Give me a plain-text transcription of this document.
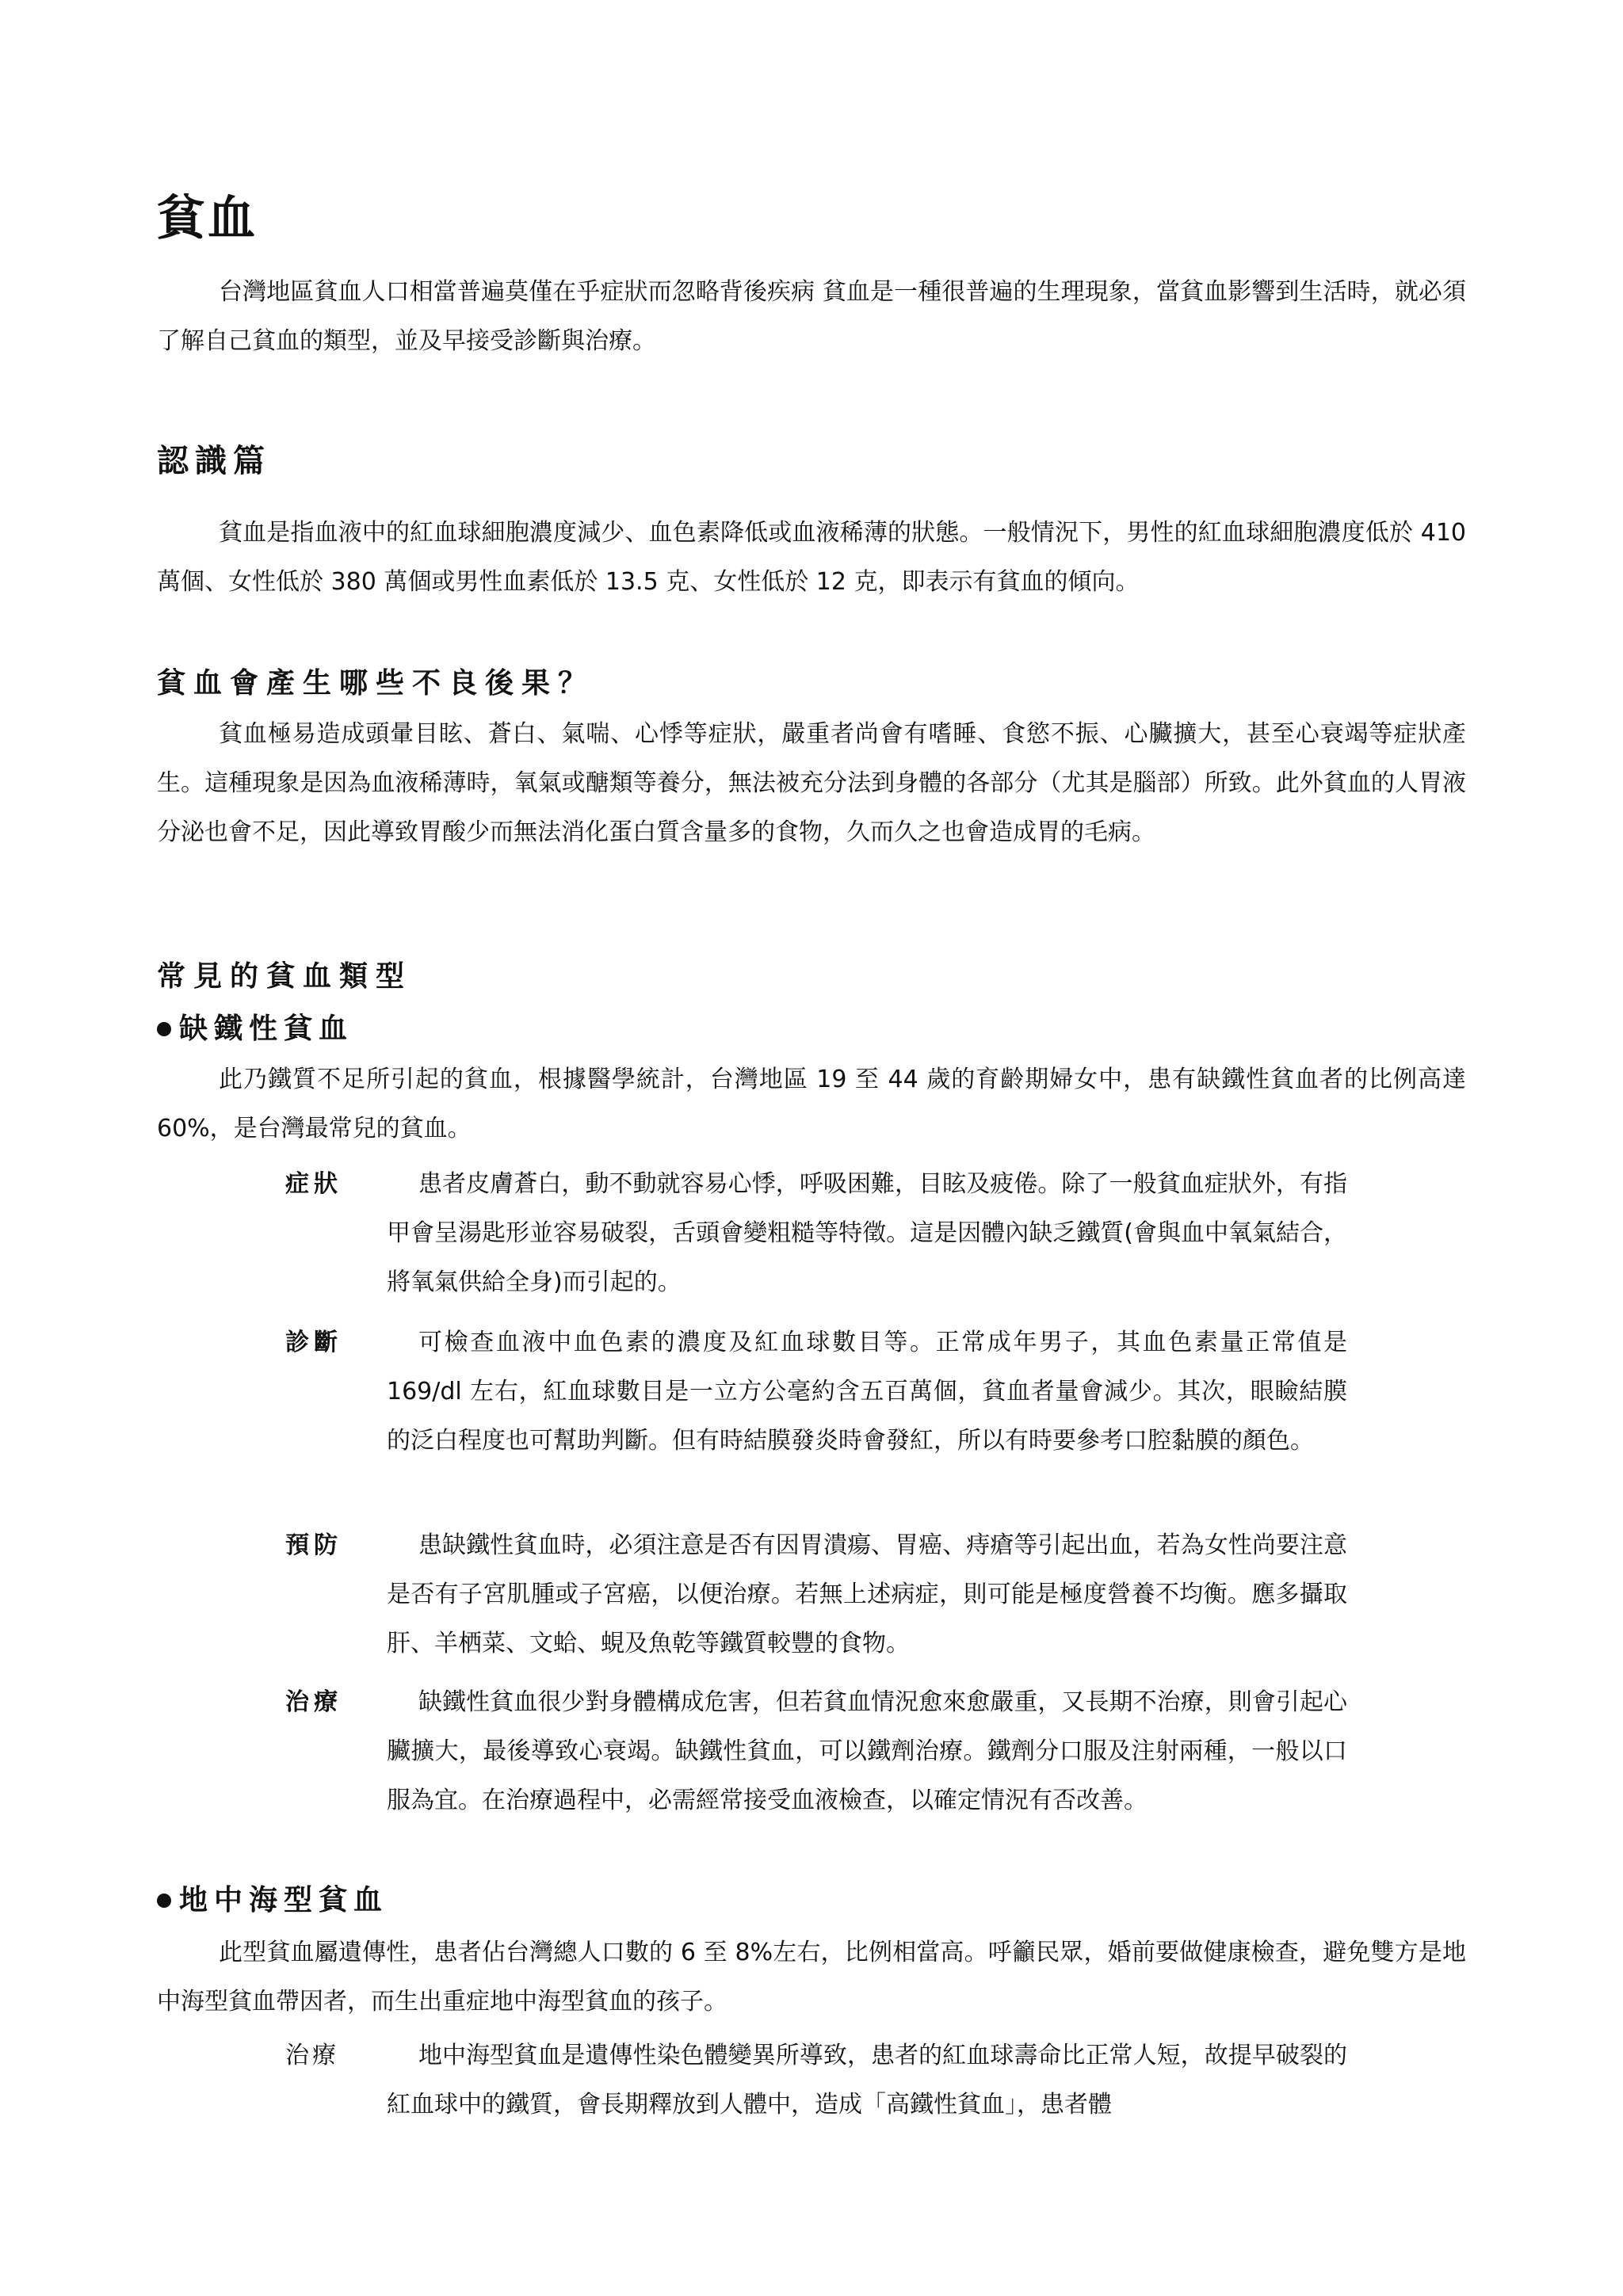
貧血

台灣地區貧血人口相當普遍莫僅在乎症狀而忽略背後疾病 貧血是一種很普遍的生理現象，當貧血影響到生活時，就必須了解自己貧血的類型，並及早接受診斷與治療。

認識篇

貧血是指血液中的紅血球細胞濃度減少、血色素降低或血液稀薄的狀態。一般情況下，男性的紅血球細胞濃度低於 410 萬個、女性低於 380 萬個或男性血素低於 13.5 克、女性低於 12 克，即表示有貧血的傾向。

貧血會產生哪些不良後果？

貧血極易造成頭暈目眩、蒼白、氣喘、心悸等症狀，嚴重者尚會有嗜睡、食慾不振、心臟擴大，甚至心衰竭等症狀產生。這種現象是因為血液稀薄時，氧氣或醣類等養分，無法被充分法到身體的各部分（尤其是腦部）所致。此外貧血的人胃液分泌也會不足，因此導致胃酸少而無法消化蛋白質含量多的食物，久而久之也會造成胃的毛病。

常見的貧血類型
缺鐵性貧血

此乃鐵質不足所引起的貧血，根據醫學統計，台灣地區 19 至 44 歲的育齡期婦女中，患有缺鐵性貧血者的比例高達 60%，是台灣最常兒的貧血。

症狀	患者皮膚蒼白，動不動就容易心悸，呼吸困難，目眩及疲倦。除了一般貧血症狀外，有指甲會呈湯匙形並容易破裂，舌頭會變粗糙等特徵。這是因體內缺乏鐵質(會與血中氧氣結合，將氧氣供給全身)而引起的。

診斷	可檢查血液中血色素的濃度及紅血球數目等。正常成年男子，其血色素量正常值是 169/dl 左右，紅血球數目是一立方公毫約含五百萬個，貧血者量會減少。其次，眼瞼結膜的泛白程度也可幫助判斷。但有時結膜發炎時會發紅，所以有時要參考口腔黏膜的顏色。

預防	患缺鐵性貧血時，必須注意是否有因胃潰瘍、胃癌、痔瘡等引起出血，若為女性尚要注意是否有子宮肌腫或子宮癌，以便治療。若無上述病症，則可能是極度營養不均衡。應多攝取肝、羊栖菜、文蛤、蜆及魚乾等鐵質較豐的食物。

治療	缺鐵性貧血很少對身體構成危害，但若貧血情況愈來愈嚴重，又長期不治療，則會引起心臟擴大，最後導致心衰竭。缺鐵性貧血，可以鐵劑治療。鐵劑分口服及注射兩種，一般以口服為宜。在治療過程中，必需經常接受血液檢查，以確定情況有否改善。

地中海型貧血

此型貧血屬遺傳性，患者佔台灣總人口數的 6 至 8%左右，比例相當高。呼籲民眾，婚前要做健康檢查，避免雙方是地中海型貧血帶因者，而生出重症地中海型貧血的孩子。

治療	地中海型貧血是遺傳性染色體變異所導致，患者的紅血球壽命比正常人短，故提早破裂的紅血球中的鐵質，會長期釋放到人體中，造成「高鐵性貧血」，患者體
